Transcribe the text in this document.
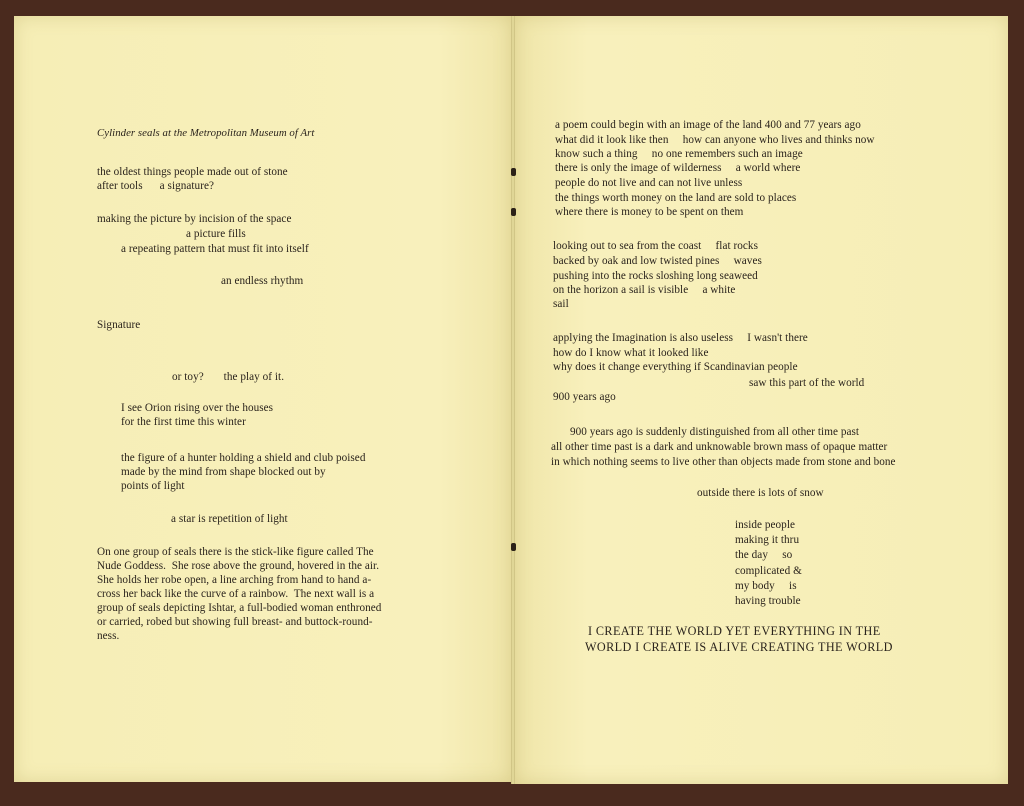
Cylinder seals at the Metropolitan Museum of Art
the oldest things people made out of stone
after tools      a signature?
making the picture by incision of the space
a picture fills
a repeating pattern that must fit into itself
an endless rhythm
Signature
or toy?       the play of it.
I see Orion rising over the houses
for the first time this winter
the figure of a hunter holding a shield and club poised
made by the mind from shape blocked out by
points of light
a star is repetition of light
On one group of seals there is the stick-like figure called The
Nude Goddess.  She rose above the ground, hovered in the air.
She holds her robe open, a line arching from hand to hand a-
cross her back like the curve of a rainbow.  The next wall is a
group of seals depicting Ishtar, a full-bodied woman enthroned
or carried, robed but showing full breast- and buttock-round-
ness.
a poem could begin with an image of the land 400 and 77 years ago
what did it look like then     how can anyone who lives and thinks now
know such a thing     no one remembers such an image
there is only the image of wilderness     a world where
people do not live and can not live unless
the things worth money on the land are sold to places
where there is money to be spent on them
looking out to sea from the coast     flat rocks
backed by oak and low twisted pines     waves
pushing into the rocks sloshing long seaweed
on the horizon a sail is visible     a white
sail
applying the Imagination is also useless     I wasn't there
how do I know what it looked like
why does it change everything if Scandinavian people
saw this part of the world
900 years ago
900 years ago is suddenly distinguished from all other time past
all other time past is a dark and unknowable brown mass of opaque matter
in which nothing seems to live other than objects made from stone and bone
outside there is lots of snow
inside people
making it thru
the day     so
complicated &
my body     is
having trouble
I CREATE THE WORLD YET EVERYTHING IN THE
WORLD I CREATE IS ALIVE CREATING THE WORLD
